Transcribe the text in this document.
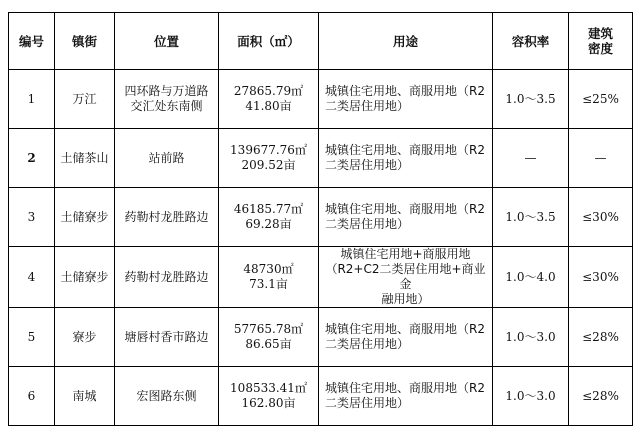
编号	镇街	位置	面积（㎡）	用途	容积率	建筑
密度

1	万江	四环路与万道路
交汇处东南侧	27865.79㎡
41.80亩	城镇住宅用地、商服用地（R2
二类居住用地）	1.0～3.5	≤25%
2	土储茶山	站前路	139677.76㎡
209.52亩	城镇住宅用地、商服用地（R2
二类居住用地）	—	—
3	土储寮步	药勒村龙胜路边	46185.77㎡
69.28亩	城镇住宅用地、商服用地（R2
二类居住用地）	1.0～3.5	≤30%
4	土储寮步	药勒村龙胜路边	48730㎡
73.1亩	城镇住宅用地+商服用地
（R2+C2二类居住用地+商业金
融用地）	1.0～4.0	≤30%
5	寮步	塘唇村香市路边	57765.78㎡
86.65亩	城镇住宅用地、商服用地（R2
二类居住用地）	1.0～3.0	≤28%
6	南城	宏图路东侧	108533.41㎡
162.80亩	城镇住宅用地、商服用地（R2
二类居住用地）	1.0～3.0	≤28%
